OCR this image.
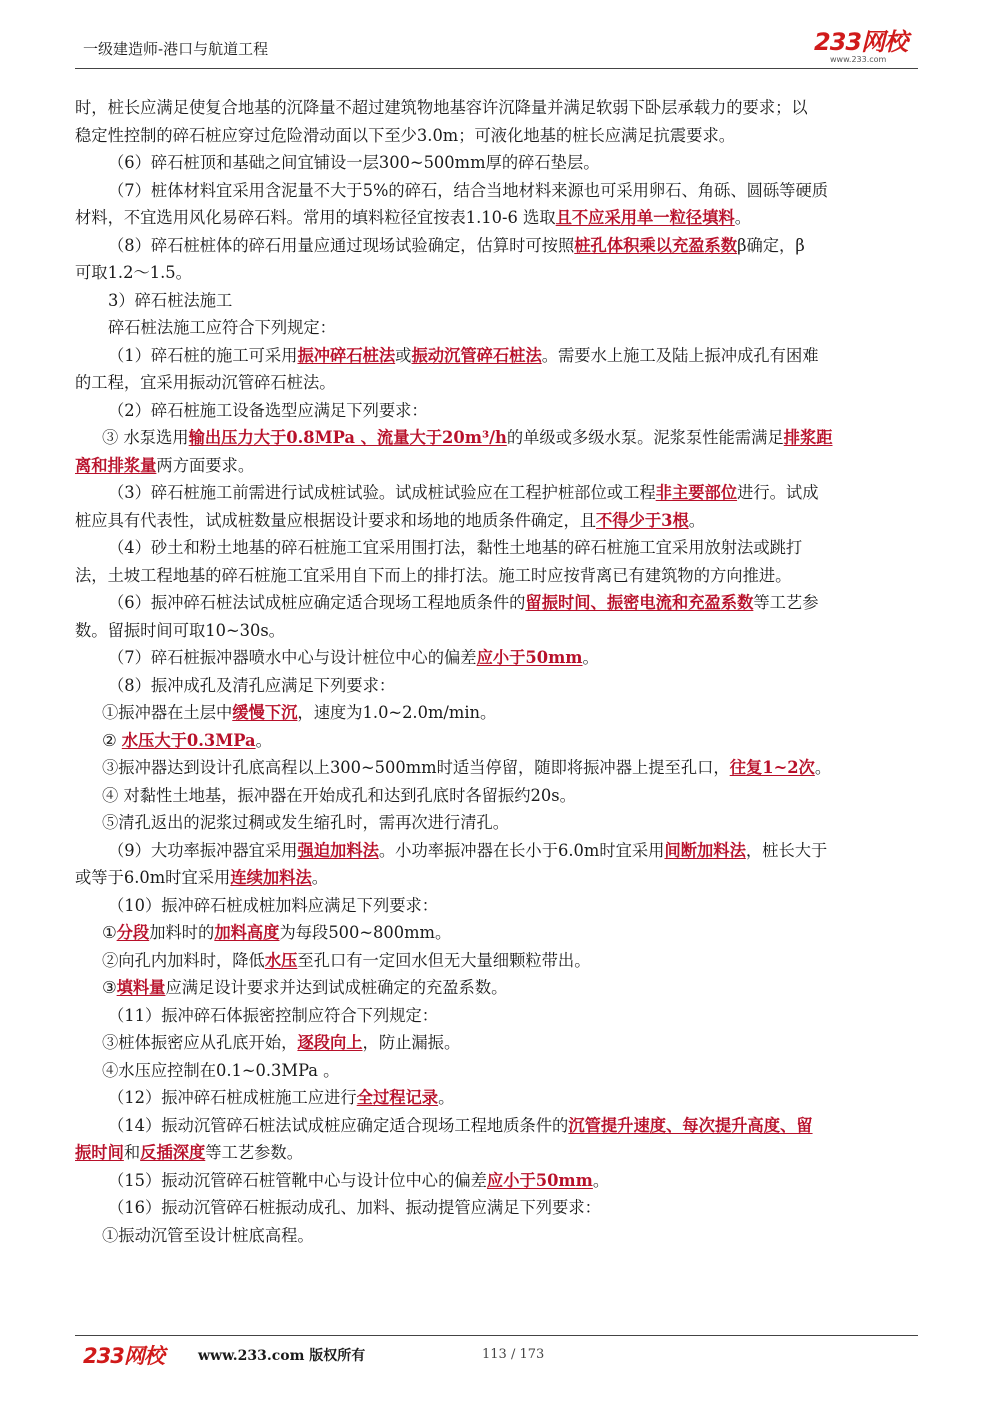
一级建造师-港口与航道工程	233网校
www.233.com
时，桩长应满足使复合地基的沉降量不超过建筑物地基容许沉降量并满足软弱下卧层承载力的要求；以
稳定性控制的碎石桩应穿过危险滑动面以下至少3.0m；可液化地基的桩长应满足抗震要求。
（6）碎石桩顶和基础之间宜铺设一层300~500mm厚的碎石垫层。
（7）桩体材料宜采用含泥量不大于5%的碎石，结合当地材料来源也可采用卵石、角砾、圆砾等硬质
材料，不宜选用风化易碎石料。常用的填料粒径宜按表1.10-6 选取且不应采用单一粒径填料。
（8）碎石桩桩体的碎石用量应通过现场试验确定，估算时可按照桩孔体积乘以充盈系数β确定，β
可取1.2～1.5。
3）碎石桩法施工
碎石桩法施工应符合下列规定：
（1）碎石桩的施工可采用振冲碎石桩法或振动沉管碎石桩法。需要水上施工及陆上振冲成孔有困难
的工程，宜采用振动沉管碎石桩法。
（2）碎石桩施工设备选型应满足下列要求：
③ 水泵选用输出压力大于0.8MPa 、流量大于20m³/h的单级或多级水泵。泥浆泵性能需满足排浆距
离和排浆量两方面要求。
（3）碎石桩施工前需进行试成桩试验。试成桩试验应在工程护桩部位或工程非主要部位进行。试成
桩应具有代表性，试成桩数量应根据设计要求和场地的地质条件确定，且不得少于3根。
（4）砂土和粉土地基的碎石桩施工宜采用围打法，黏性土地基的碎石桩施工宜采用放射法或跳打
法，土坡工程地基的碎石桩施工宜采用自下而上的排打法。施工时应按背离已有建筑物的方向推进。
（6）振冲碎石桩法试成桩应确定适合现场工程地质条件的留振时间、振密电流和充盈系数等工艺参
数。留振时间可取10~30s。
（7）碎石桩振冲器喷水中心与设计桩位中心的偏差应小于50mm。
（8）振冲成孔及清孔应满足下列要求：
①振冲器在土层中缓慢下沉，速度为1.0~2.0m/min。
② 水压大于0.3MPa。
③振冲器达到设计孔底高程以上300~500mm时适当停留，随即将振冲器上提至孔口，往复1~2次。
④ 对黏性土地基，振冲器在开始成孔和达到孔底时各留振约20s。
⑤清孔返出的泥浆过稠或发生缩孔时，需再次进行清孔。
（9）大功率振冲器宜采用强迫加料法。小功率振冲器在长小于6.0m时宜采用间断加料法，桩长大于
或等于6.0m时宜采用连续加料法。
（10）振冲碎石桩成桩加料应满足下列要求：
①分段加料时的加料高度为每段500~800mm。
②向孔内加料时，降低水压至孔口有一定回水但无大量细颗粒带出。
③填料量应满足设计要求并达到试成桩确定的充盈系数。
（11）振冲碎石体振密控制应符合下列规定：
③桩体振密应从孔底开始，逐段向上，防止漏振。
④水压应控制在0.1~0.3MPa 。
（12）振冲碎石桩成桩施工应进行全过程记录。
（14）振动沉管碎石桩法试成桩应确定适合现场工程地质条件的沉管提升速度、每次提升高度、留
振时间和反插深度等工艺参数。
（15）振动沉管碎石桩管靴中心与设计位中心的偏差应小于50mm。
（16）振动沉管碎石桩振动成孔、加料、振动提管应满足下列要求：
①振动沉管至设计桩底高程。
233网校 www.233.com 版权所有	113 / 173
